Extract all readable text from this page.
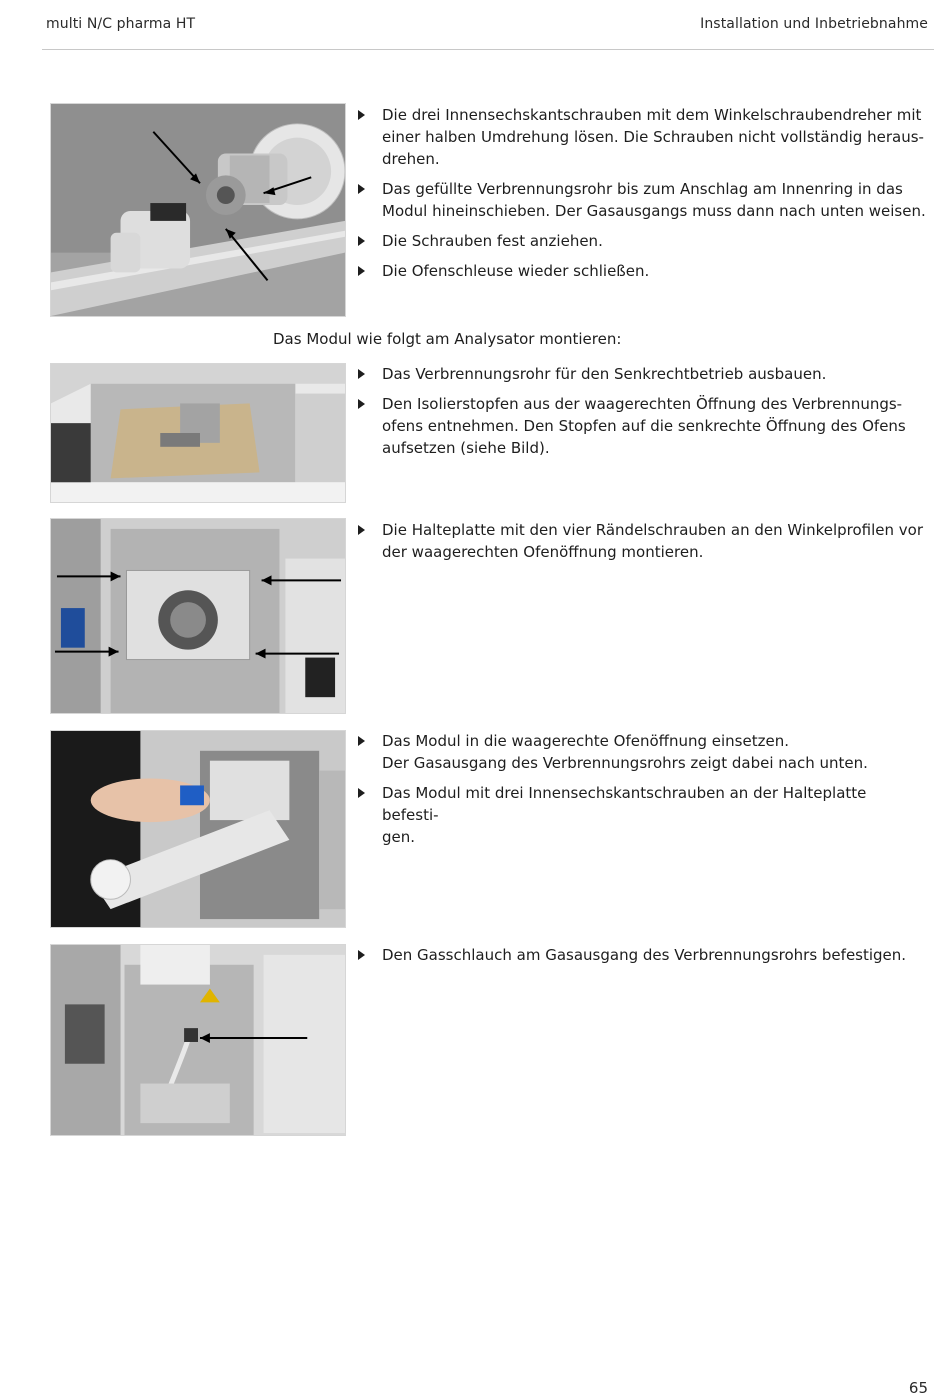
multi N/C pharma HT	Installation und Inbetriebnahme
Die drei Innensechskantschrauben mit dem Winkelschraubendreher mit einer halben Umdrehung lösen. Die Schrauben nicht vollständig heraus-
drehen.
Das gefüllte Verbrennungsrohr bis zum Anschlag am Innenring in das Modul hineinschieben. Der Gasausgangs muss dann nach unten weisen.
Die Schrauben fest anziehen.
Die Ofenschleuse wieder schließen.
Das Modul wie folgt am Analysator montieren:
Das Verbrennungsrohr für den Senkrechtbetrieb ausbauen.
Den Isolierstopfen aus der waagerechten Öffnung des Verbrennungs-
ofens entnehmen. Den Stopfen auf die senkrechte Öffnung des Ofens aufsetzen (siehe Bild).
Die Halteplatte mit den vier Rändelschrauben an den Winkelprofilen vor der waagerechten Ofenöffnung montieren.
Das Modul in die waagerechte Ofenöffnung einsetzen.
Der Gasausgang des Verbrennungsrohrs zeigt dabei nach unten.
Das Modul mit drei Innensechskantschrauben an der Halteplatte befesti-
gen.
Den Gasschlauch am Gasausgang des Verbrennungsrohrs befestigen.
65
